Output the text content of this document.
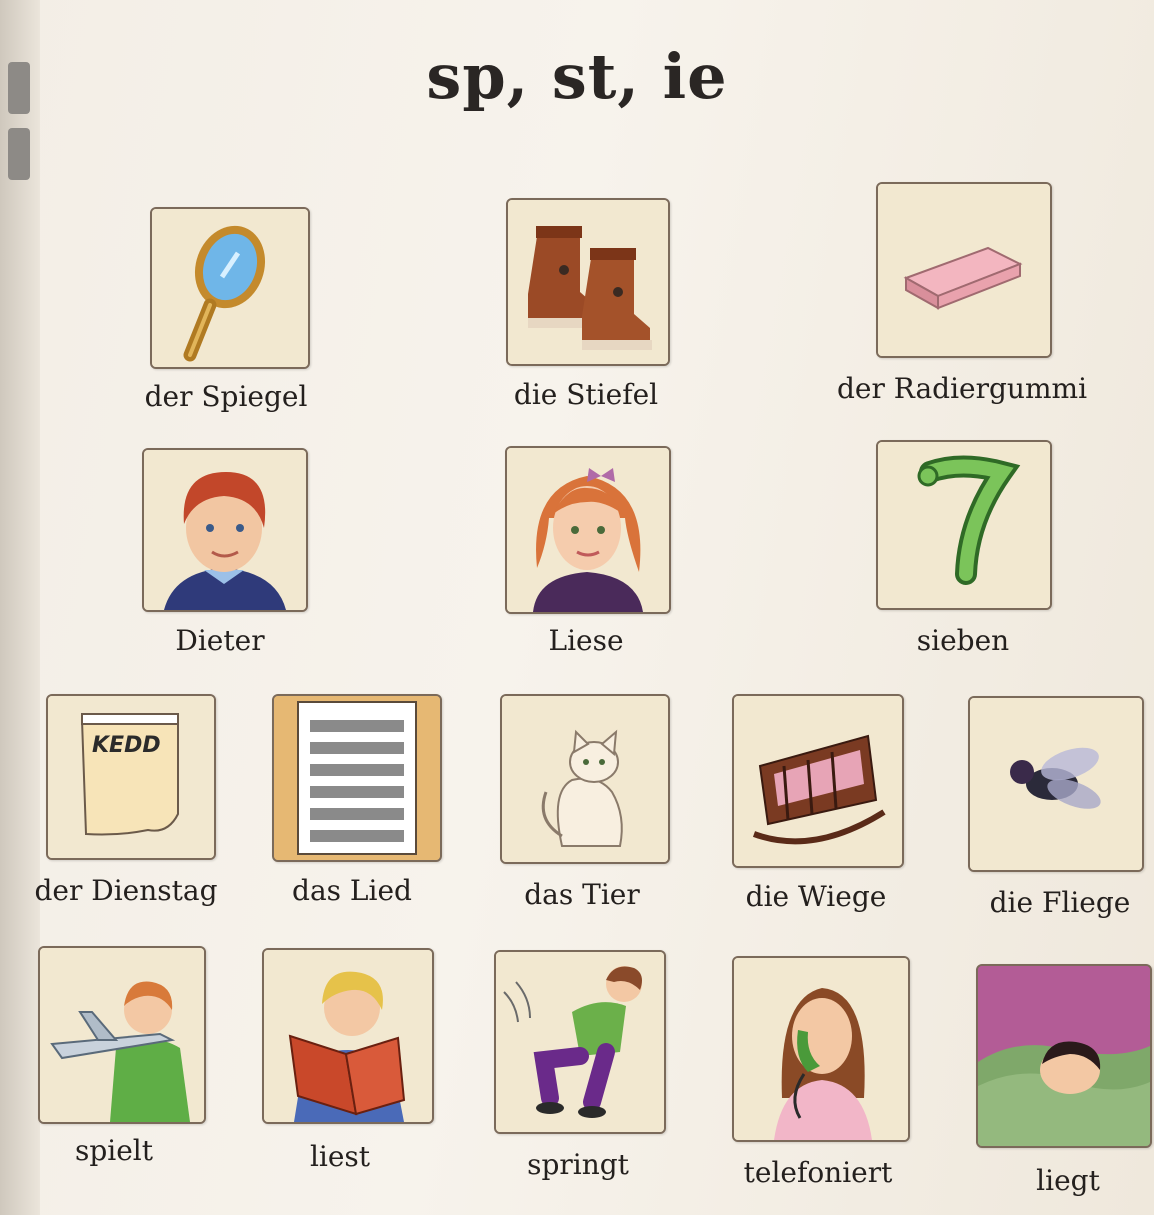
sp, st, ie
der Spiegel	die Stiefel	der Radiergummi
Dieter	Liese	sieben
KEDD
der Dienstag	das Lied	das Tier	die Wiege	die Fliege
spielt	liest	springt	telefoniert	liegt
